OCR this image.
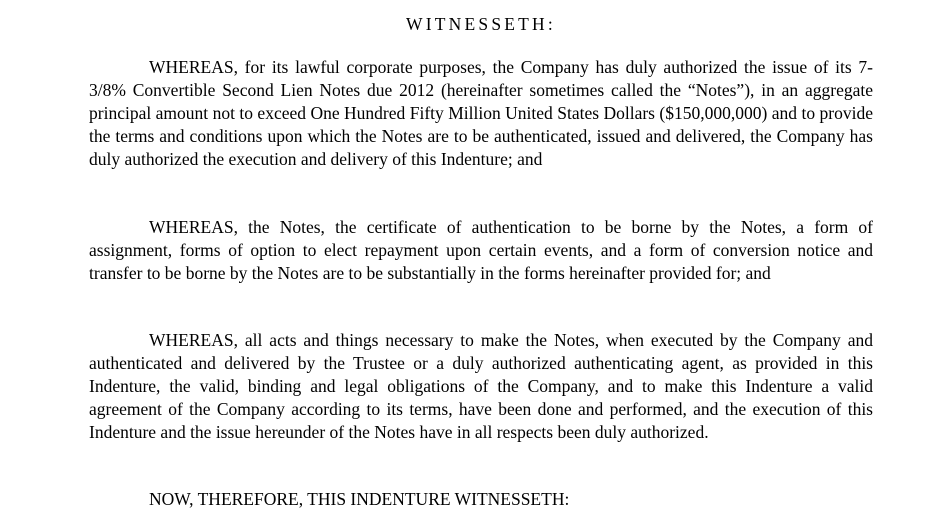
WITNESSETH:

WHEREAS, for its lawful corporate purposes, the Company has duly authorized the issue of its 7-3/8% Convertible Second Lien Notes due 2012 (hereinafter sometimes called the “Notes”), in an aggregate principal amount not to exceed One Hundred Fifty Million United States Dollars ($150,000,000) and to provide the terms and conditions upon which the Notes are to be authenticated, issued and delivered, the Company has duly authorized the execution and delivery of this Indenture; and

WHEREAS, the Notes, the certificate of authentication to be borne by the Notes, a form of assignment, forms of option to elect repayment upon certain events, and a form of conversion notice and transfer to be borne by the Notes are to be substantially in the forms hereinafter provided for; and

WHEREAS, all acts and things necessary to make the Notes, when executed by the Company and authenticated and delivered by the Trustee or a duly authorized authenticating agent, as provided in this Indenture, the valid, binding and legal obligations of the Company, and to make this Indenture a valid agreement of the Company according to its terms, have been done and performed, and the execution of this Indenture and the issue hereunder of the Notes have in all respects been duly authorized.

NOW, THEREFORE, THIS INDENTURE WITNESSETH:
